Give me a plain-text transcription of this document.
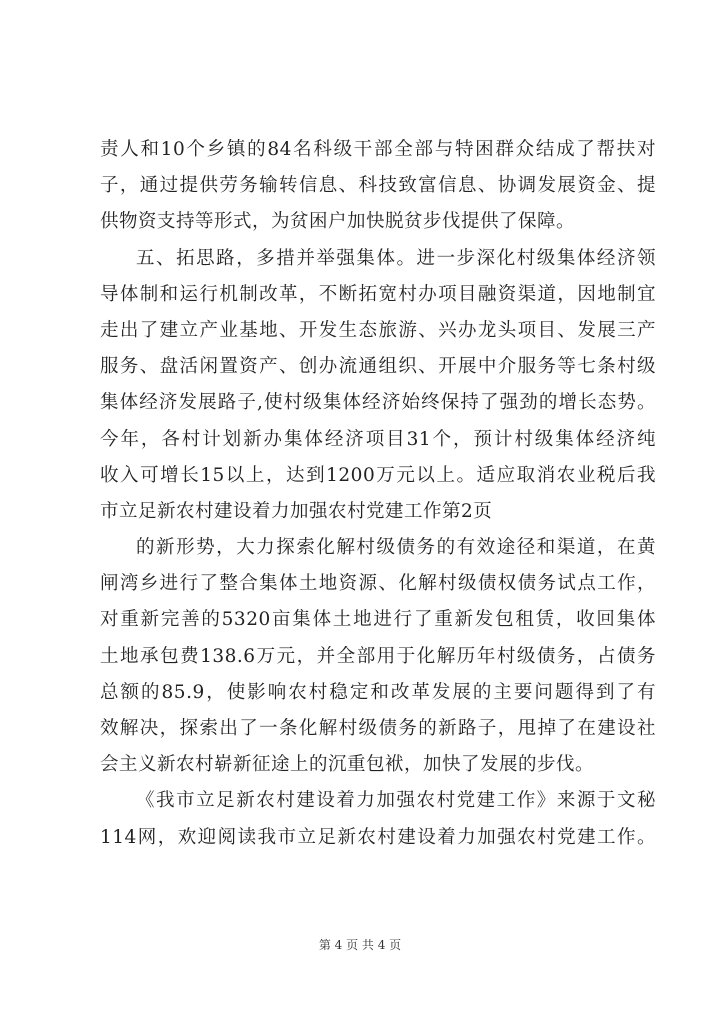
责人和10个乡镇的84名科级干部全部与特困群众结成了帮扶对
子，通过提供劳务输转信息、科技致富信息、协调发展资金、提
供物资支持等形式，为贫困户加快脱贫步伐提供了保障。
五、拓思路，多措并举强集体。进一步深化村级集体经济领
导体制和运行机制改革，不断拓宽村办项目融资渠道，因地制宜
走出了建立产业基地、开发生态旅游、兴办龙头项目、发展三产
服务、盘活闲置资产、创办流通组织、开展中介服务等七条村级
集体经济发展路子,使村级集体经济始终保持了强劲的增长态势。
今年，各村计划新办集体经济项目31个，预计村级集体经济纯
收入可增长15以上，达到1200万元以上。适应取消农业税后我
市立足新农村建设着力加强农村党建工作第2页
的新形势，大力探索化解村级债务的有效途径和渠道，在黄
闸湾乡进行了整合集体土地资源、化解村级债权债务试点工作，
对重新完善的5320亩集体土地进行了重新发包租赁，收回集体
土地承包费138.6万元，并全部用于化解历年村级债务，占债务
总额的85.9，使影响农村稳定和改革发展的主要问题得到了有
效解决，探索出了一条化解村级债务的新路子，甩掉了在建设社
会主义新农村崭新征途上的沉重包袱，加快了发展的步伐。
《我市立足新农村建设着力加强农村党建工作》来源于文秘
114网，欢迎阅读我市立足新农村建设着力加强农村党建工作。
第 4 页 共 4 页
